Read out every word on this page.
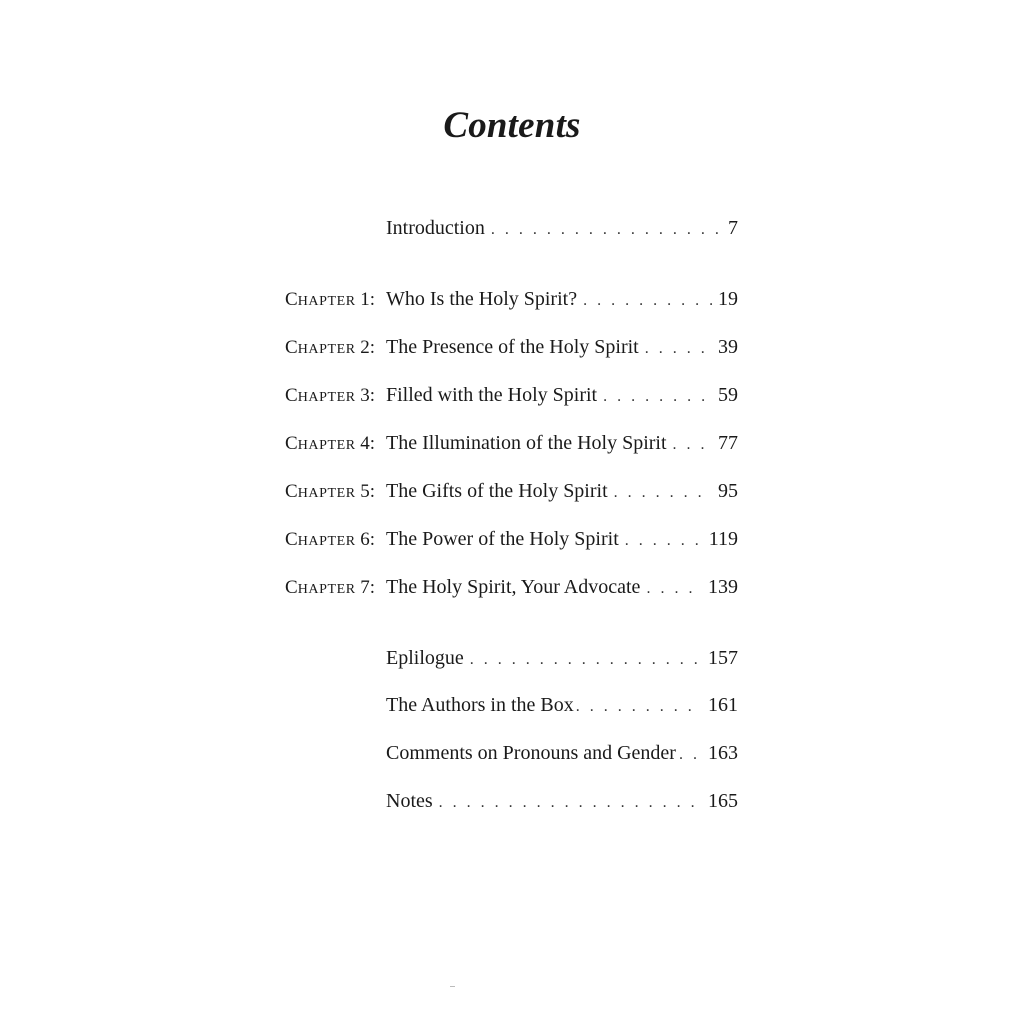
Contents
Introduction . . .	7
CHAPTER 1: Who Is the Holy Spirit? . . .	19
CHAPTER 2: The Presence of the Holy Spirit . . .	39
CHAPTER 3: Filled with the Holy Spirit . . .	59
CHAPTER 4: The Illumination of the Holy Spirit . . .	77
CHAPTER 5: The Gifts of the Holy Spirit . . .	95
CHAPTER 6: The Power of the Holy Spirit . . .	119
CHAPTER 7: The Holy Spirit, Your Advocate . . .	139
Eplilogue . . .	157
The Authors in the Box . . .	161
Comments on Pronouns and Gender . . . 163
Notes . . .	165
